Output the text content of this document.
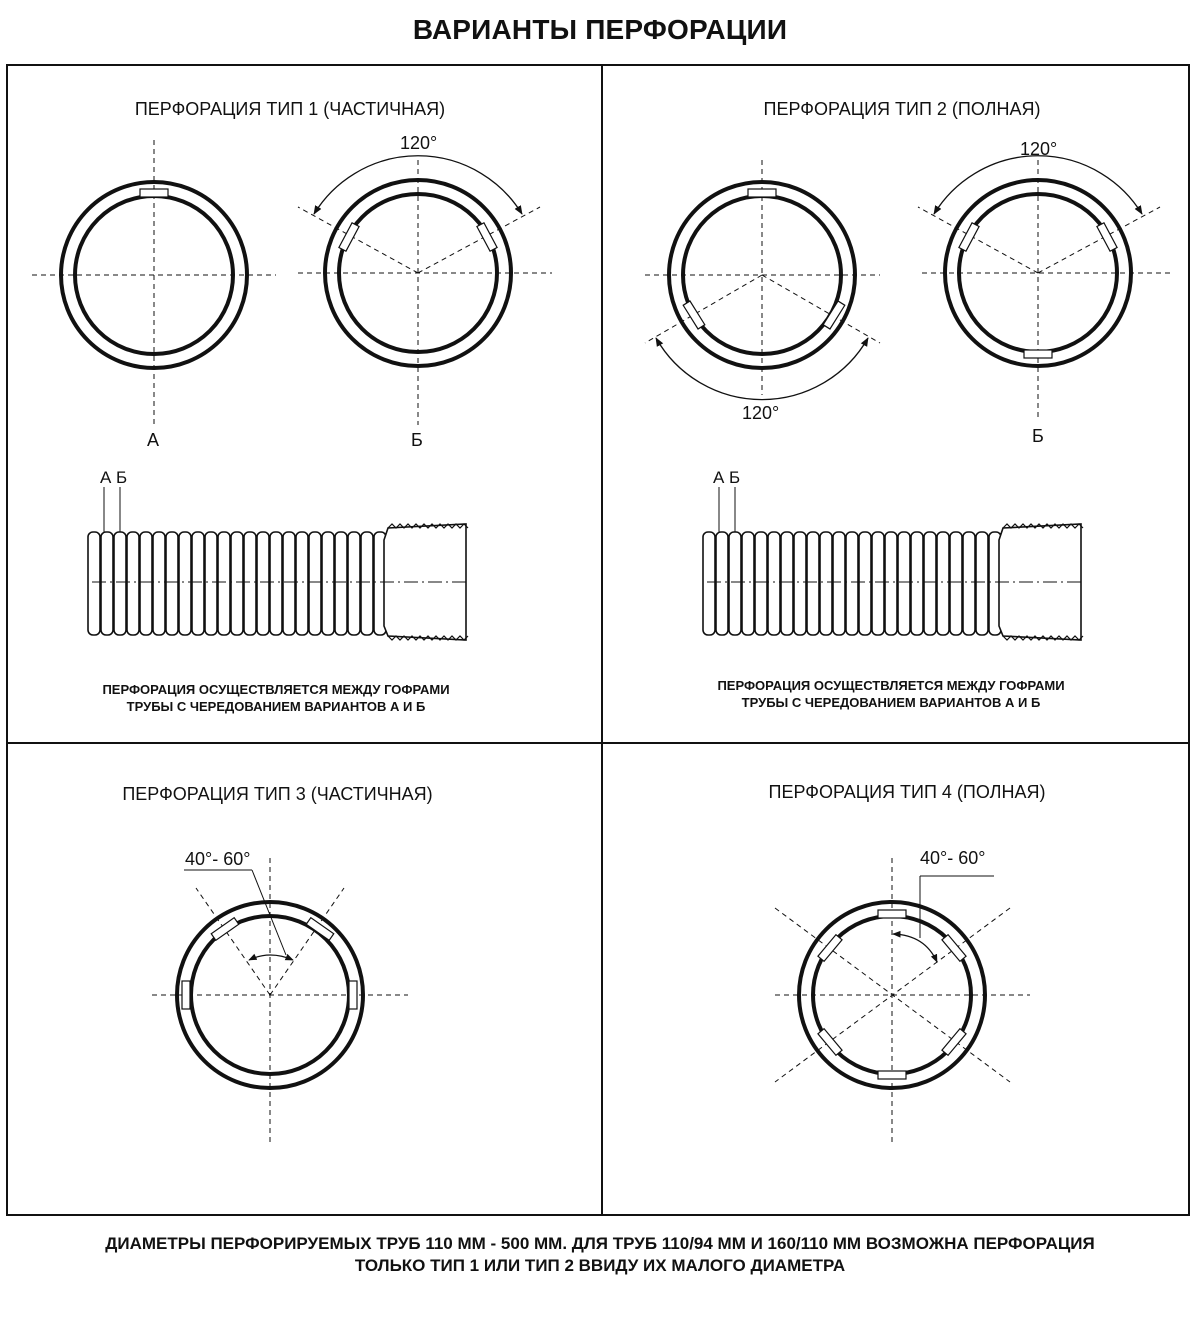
ВАРИАНТЫ ПЕРФОРАЦИИ
ПЕРФОРАЦИЯ ТИП 1 (ЧАСТИЧНАЯ)	ПЕРФОРАЦИЯ ТИП 2 (ПОЛНАЯ)
ПЕРФОРАЦИЯ ТИП 3 (ЧАСТИЧНАЯ)	ПЕРФОРАЦИЯ ТИП 4 (ПОЛНАЯ)
120°
А	Б
А Б
ПЕРФОРАЦИЯ ОСУЩЕСТВЛЯЕТСЯ МЕЖДУ ГОФРАМИ
ТРУБЫ С ЧЕРЕДОВАНИЕМ ВАРИАНТОВ А И Б
120°
120°
Б
А Б
ПЕРФОРАЦИЯ ОСУЩЕСТВЛЯЕТСЯ МЕЖДУ ГОФРАМИ
ТРУБЫ С ЧЕРЕДОВАНИЕМ ВАРИАНТОВ А И Б
40°- 60°	40°- 60°
ДИАМЕТРЫ ПЕРФОРИРУЕМЫХ ТРУБ 110 ММ - 500 ММ. ДЛЯ ТРУБ 110/94 ММ И 160/110 ММ ВОЗМОЖНА ПЕРФОРАЦИЯ
ТОЛЬКО ТИП 1 ИЛИ ТИП 2 ВВИДУ ИХ МАЛОГО ДИАМЕТРА
